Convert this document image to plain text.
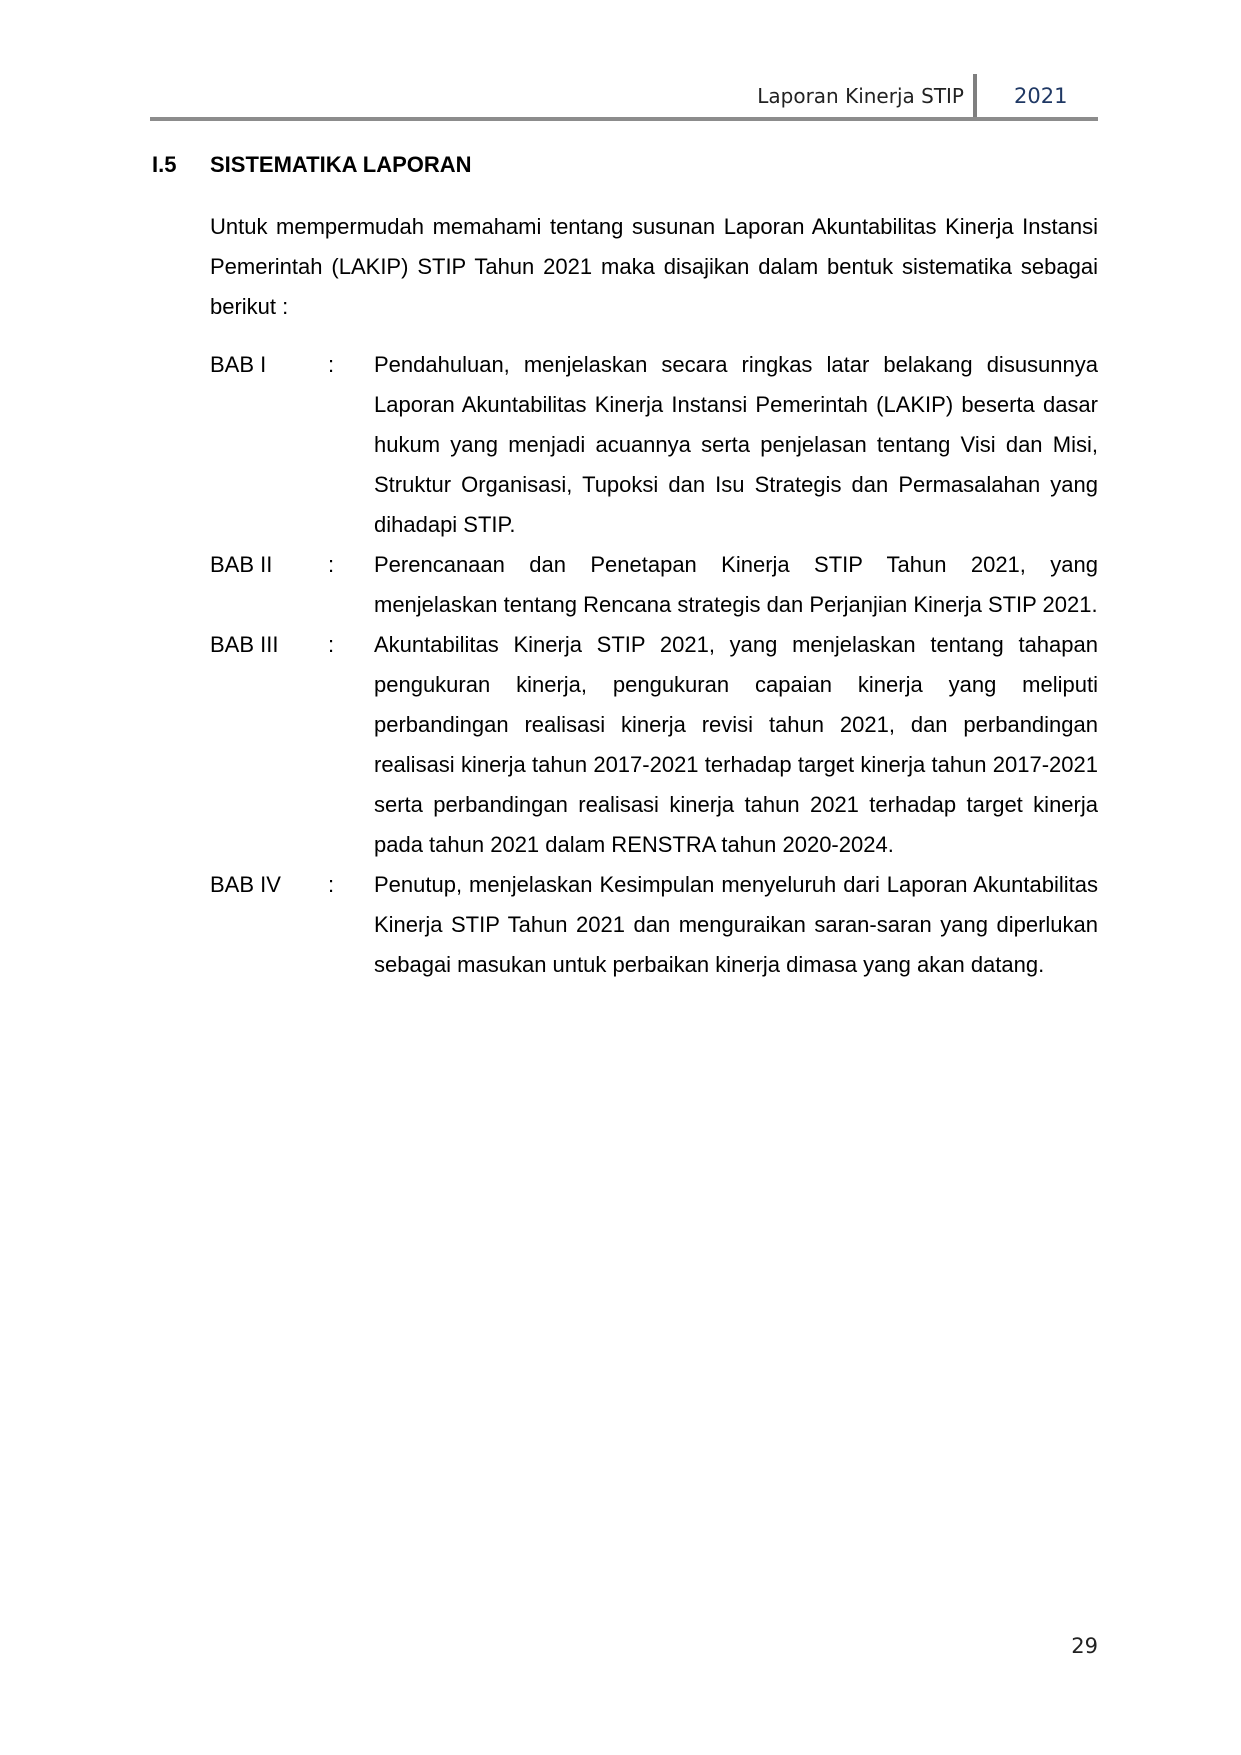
Laporan Kinerja STIP 2021
I.5 SISTEMATIKA LAPORAN

Untuk mempermudah memahami tentang susunan Laporan Akuntabilitas Kinerja Instansi Pemerintah (LAKIP) STIP Tahun 2021 maka disajikan dalam bentuk sistematika sebagai berikut :

BAB I	:	Pendahuluan, menjelaskan secara ringkas latar belakang disusunnya Laporan Akuntabilitas Kinerja Instansi Pemerintah (LAKIP) beserta dasar hukum yang menjadi acuannya serta penjelasan tentang Visi dan Misi, Struktur Organisasi, Tupoksi dan Isu Strategis dan Permasalahan yang dihadapi STIP.
BAB II	:	Perencanaan dan Penetapan Kinerja STIP Tahun 2021, yang menjelaskan tentang Rencana strategis dan Perjanjian Kinerja STIP 2021.
BAB III	:	Akuntabilitas Kinerja STIP 2021, yang menjelaskan tentang tahapan pengukuran kinerja, pengukuran capaian kinerja yang meliputi perbandingan realisasi kinerja revisi tahun 2021, dan perbandingan realisasi kinerja tahun 2017-2021 terhadap target kinerja tahun 2017-2021 serta perbandingan realisasi kinerja tahun 2021 terhadap target kinerja pada tahun 2021 dalam RENSTRA tahun 2020-2024.
BAB IV	:	Penutup, menjelaskan Kesimpulan menyeluruh dari Laporan Akuntabilitas Kinerja STIP Tahun 2021 dan menguraikan saran-saran yang diperlukan sebagai masukan untuk perbaikan kinerja dimasa yang akan datang.
29
